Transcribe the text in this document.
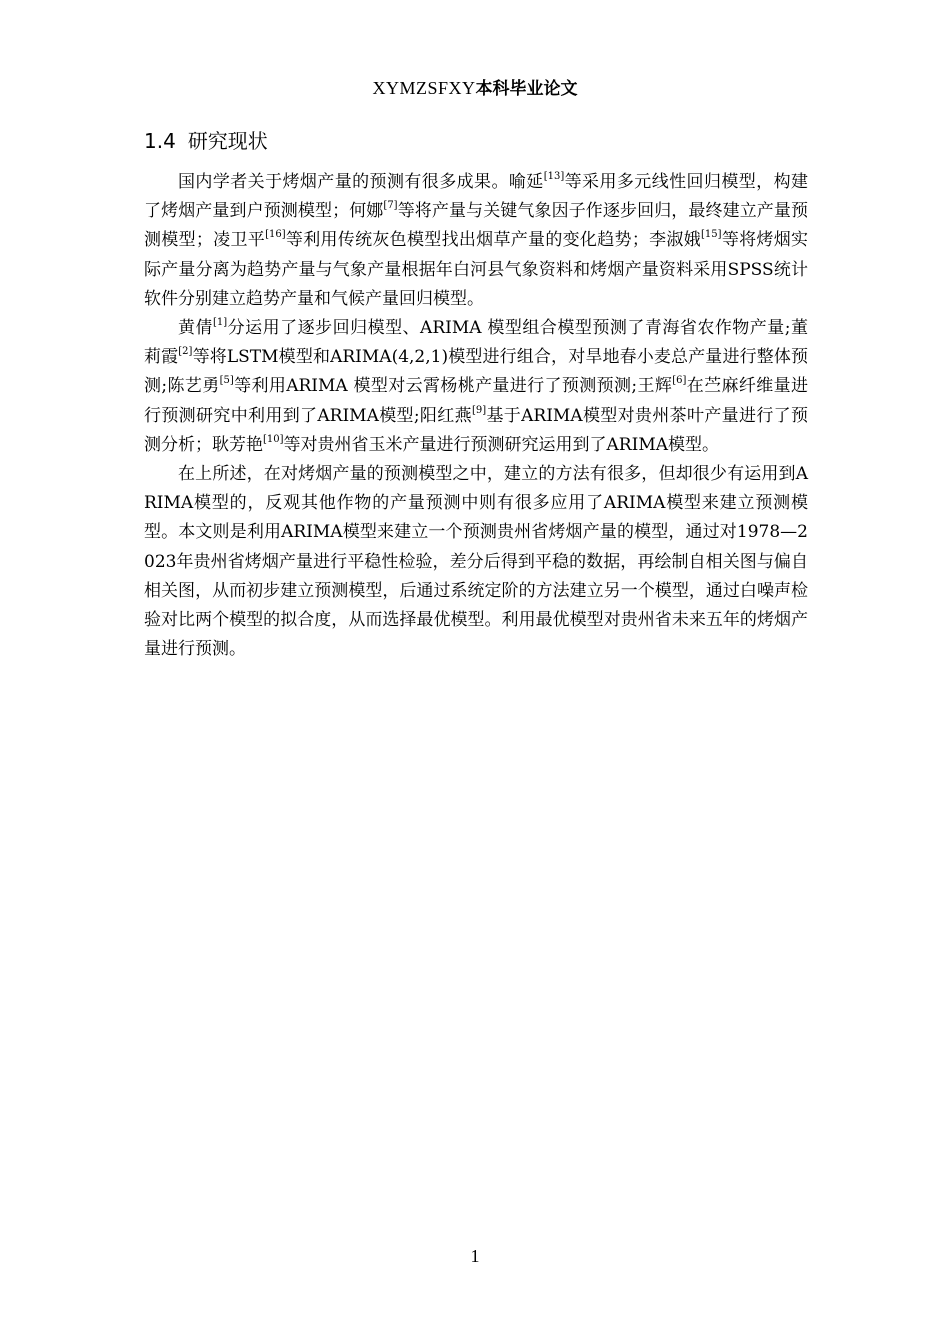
XYMZSFXY本科毕业论文
1.4 研究现状

国内学者关于烤烟产量的预测有很多成果。喻延[13]等采用多元线性回归模型，构建了烤烟产量到户预测模型；何娜[7]等将产量与关键气象因子作逐步回归，最终建立产量预测模型；凌卫平[16]等利用传统灰色模型找出烟草产量的变化趋势；李淑娥[15]等将烤烟实际产量分离为趋势产量与气象产量根据年白河县气象资料和烤烟产量资料采用SPSS统计软件分别建立趋势产量和气候产量回归模型。

黄倩[1]分运用了逐步回归模型、ARIMA 模型组合模型预测了青海省农作物产量;董莉霞[2]等将LSTM模型和ARIMA(4,2,1)模型进行组合，对旱地春小麦总产量进行整体预测;陈艺勇[5]等利用ARIMA 模型对云霄杨桃产量进行了预测预测;王辉[6]在苎麻纤维量进行预测研究中利用到了ARIMA模型;阳红燕[9]基于ARIMA模型对贵州茶叶产量进行了预测分析；耿芳艳[10]等对贵州省玉米产量进行预测研究运用到了ARIMA模型。

在上所述，在对烤烟产量的预测模型之中，建立的方法有很多，但却很少有运用到ARIMA模型的，反观其他作物的产量预测中则有很多应用了ARIMA模型来建立预测模型。本文则是利用ARIMA模型来建立一个预测贵州省烤烟产量的模型，通过对1978—2023年贵州省烤烟产量进行平稳性检验，差分后得到平稳的数据，再绘制自相关图与偏自相关图，从而初步建立预测模型，后通过系统定阶的方法建立另一个模型，通过白噪声检验对比两个模型的拟合度，从而选择最优模型。利用最优模型对贵州省未来五年的烤烟产量进行预测。

1
